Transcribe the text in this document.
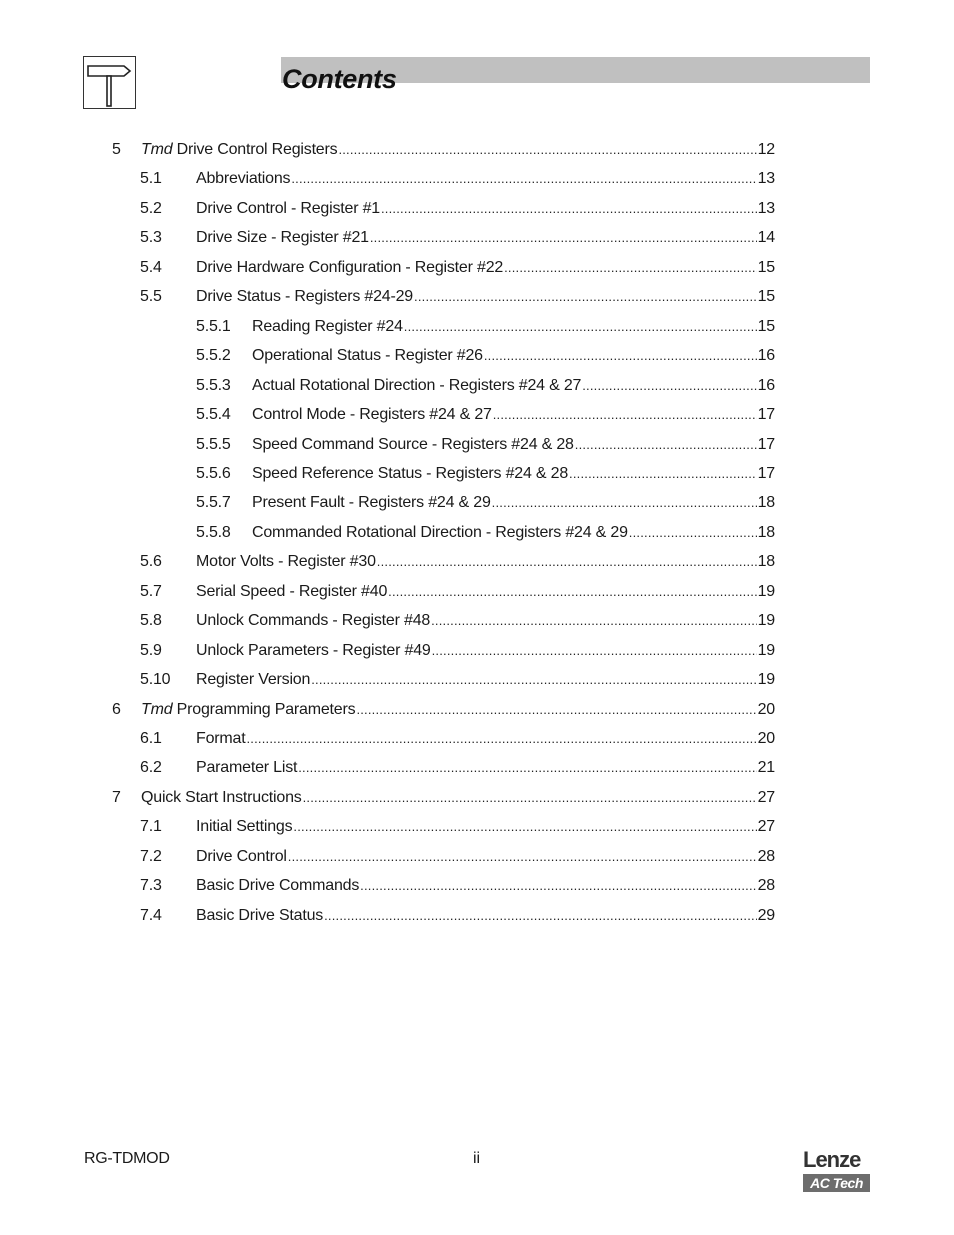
Contents
5	Tmd Drive Control Registers .....	12
5.1	Abbreviations .....	13
5.2	Drive Control - Register #1 .....	13
5.3	Drive Size - Register #21 .....	14
5.4	Drive Hardware Configuration - Register #22 .....	15
5.5	Drive Status - Registers #24-29 .....	15
5.5.1	Reading Register #24 .....	15
5.5.2	Operational Status - Register #26 .....	16
5.5.3	Actual Rotational Direction - Registers #24 & 27 .....	16
5.5.4	Control Mode - Registers #24 & 27 .....	17
5.5.5	Speed Command Source - Registers #24 & 28 .....	17
5.5.6	Speed Reference Status - Registers #24 & 28 .....	17
5.5.7	Present Fault - Registers #24 & 29 .....	18
5.5.8	Commanded Rotational Direction - Registers #24 & 29 .....	18
5.6	Motor Volts - Register #30 .....	18
5.7	Serial Speed - Register #40 .....	19
5.8	Unlock Commands - Register #48 .....	19
5.9	Unlock Parameters - Register #49 .....	19
5.10	Register Version .....	19
6	Tmd Programming Parameters .....	20
6.1	Format .....	20
6.2	Parameter List .....	21
7	Quick Start Instructions .....	27
7.1	Initial Settings .....	27
7.2	Drive Control .....	28
7.3	Basic Drive Commands .....	28
7.4	Basic Drive Status .....	29
RG-TDMOD	ii	Lenze
AC Tech
